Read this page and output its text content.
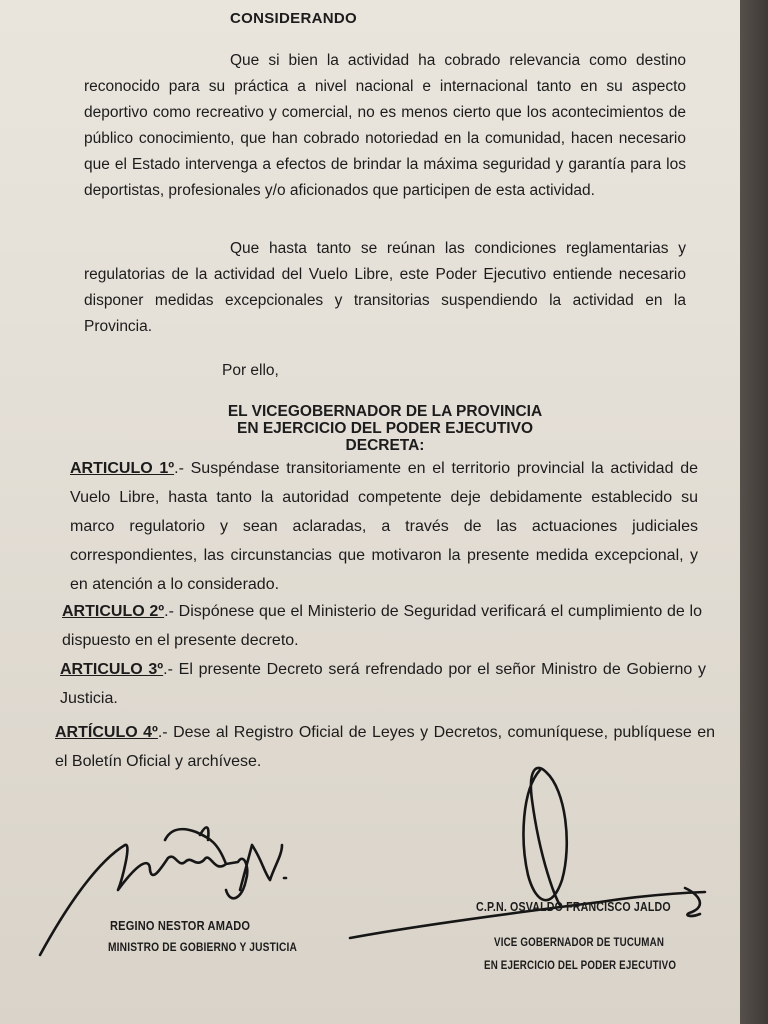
CONSIDERANDO
Que si bien la actividad ha cobrado relevancia como destino reconocido para su práctica a nivel nacional e internacional tanto en su aspecto deportivo como recreativo y comercial, no es menos cierto que los acontecimientos de público conocimiento, que han cobrado notoriedad en la comunidad, hacen necesario que el Estado intervenga a efectos de brindar la máxima seguridad y garantía para los deportistas, profesionales y/o aficionados que participen de esta actividad.
Que hasta tanto se reúnan las condiciones reglamentarias y regulatorias de la actividad del Vuelo Libre, este Poder Ejecutivo entiende necesario disponer medidas excepcionales y transitorias suspendiendo la actividad en la Provincia.
Por ello,
EL VICEGOBERNADOR DE LA PROVINCIA
EN EJERCICIO DEL PODER EJECUTIVO
DECRETA:
ARTICULO 1º.- Suspéndase transitoriamente en el territorio provincial la actividad de Vuelo Libre, hasta tanto la autoridad competente deje debidamente establecido su marco regulatorio y sean aclaradas, a través de las actuaciones judiciales correspondientes, las circunstancias que motivaron la presente medida excepcional, y en atención a lo considerado.
ARTICULO 2º.- Dispónese que el Ministerio de Seguridad verificará el cumplimiento de lo dispuesto en el presente decreto.
ARTICULO 3º.- El presente Decreto será refrendado por el señor Ministro de Gobierno y Justicia.
ARTÍCULO 4º.- Dese al Registro Oficial de Leyes y Decretos, comuníquese, publíquese en el Boletín Oficial y archívese.
REGINO NESTOR AMADO
MINISTRO DE GOBIERNO Y JUSTICIA
C.P.N. OSVALDO FRANCISCO JALDO
VICE GOBERNADOR DE TUCUMAN
EN EJERCICIO DEL PODER EJECUTIVO
